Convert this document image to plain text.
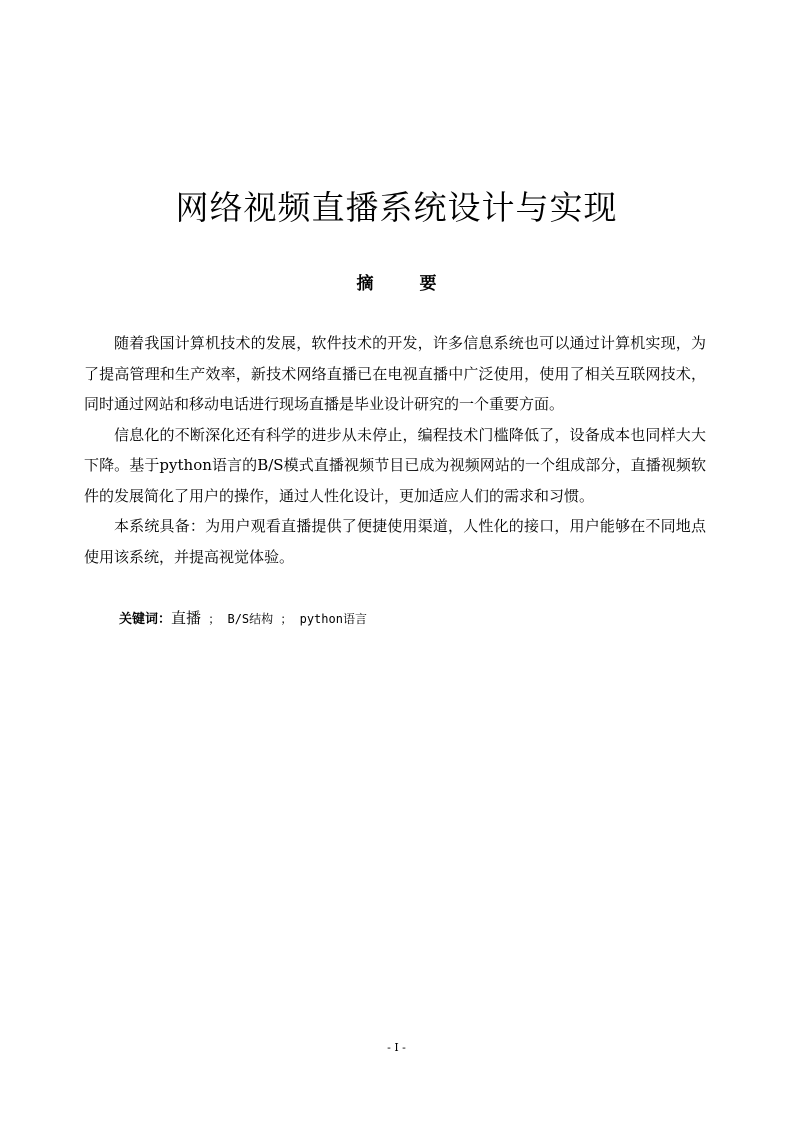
网络视频直播系统设计与实现
摘 要

随着我国计算机技术的发展，软件技术的开发，许多信息系统也可以通过计算机实现，为了提高管理和生产效率，新技术网络直播已在电视直播中广泛使用，使用了相关互联网技术，同时通过网站和移动电话进行现场直播是毕业设计研究的一个重要方面。

信息化的不断深化还有科学的进步从未停止，编程技术门槛降低了，设备成本也同样大大下降。基于python语言的B/S模式直播视频节目已成为视频网站的一个组成部分，直播视频软件的发展简化了用户的操作，通过人性化设计，更加适应人们的需求和习惯。

本系统具备：为用户观看直播提供了便捷使用渠道，人性化的接口，用户能够在不同地点使用该系统，并提高视觉体验。

关键词：直播 ； B/S结构 ； python语言
- I -
